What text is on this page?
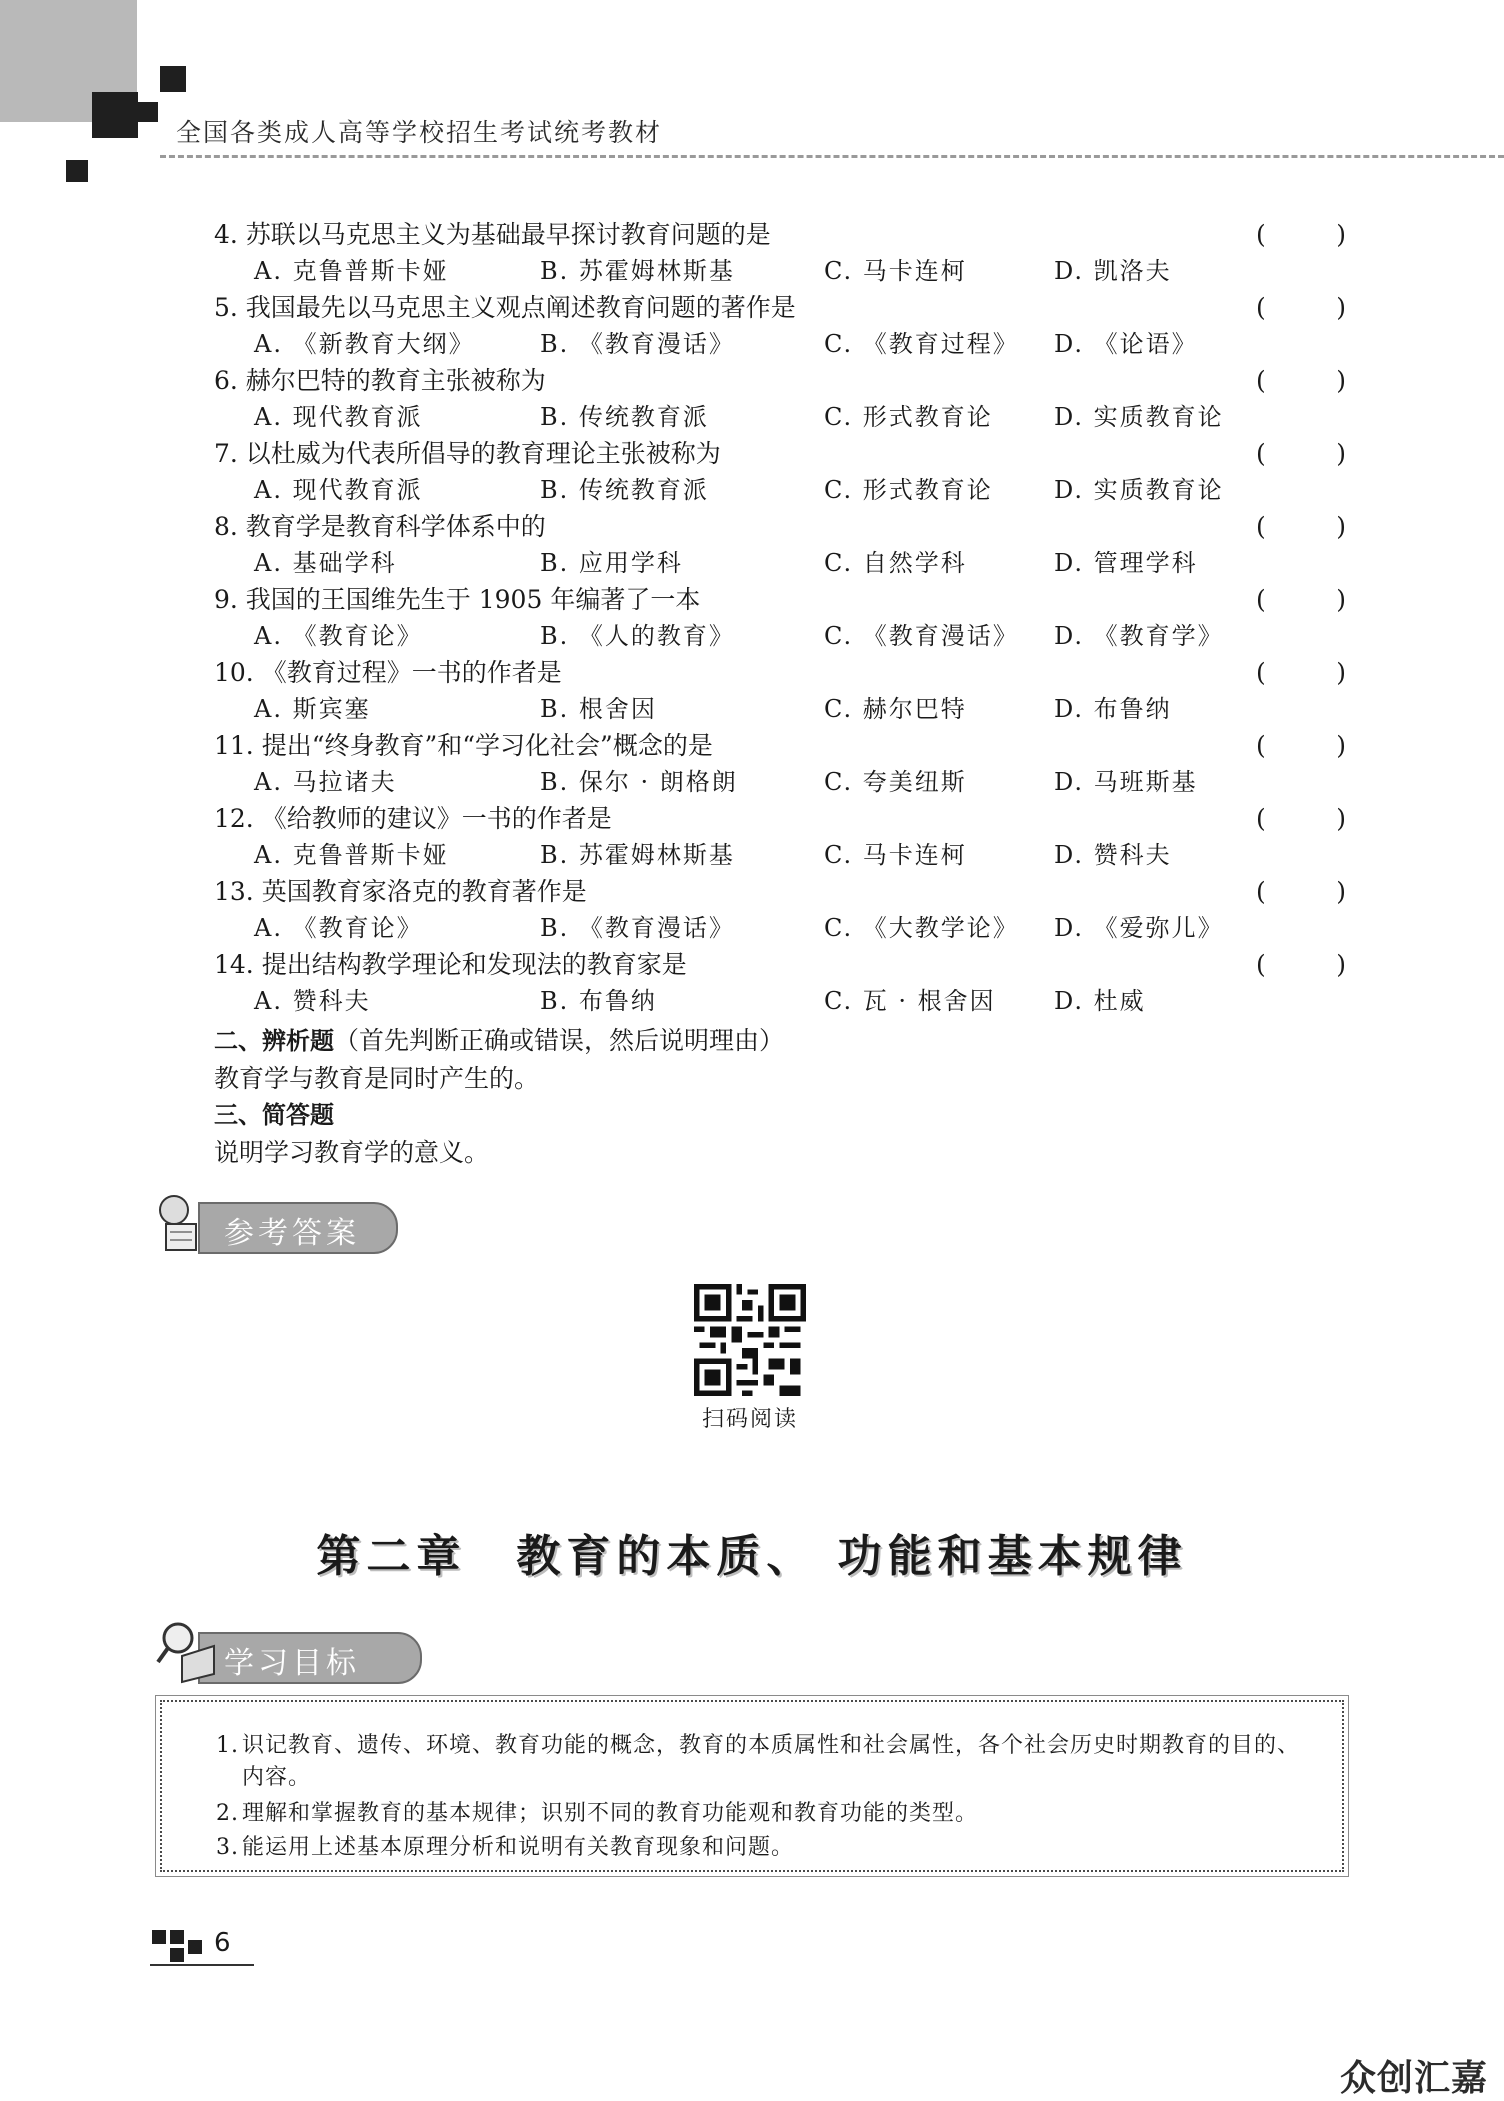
全国各类成人高等学校招生考试统考教材
4. 苏联以马克思主义为基础最早探讨教育问题的是	(	)
A. 克鲁普斯卡娅	B. 苏霍姆林斯基	C. 马卡连柯	D. 凯洛夫
5. 我国最先以马克思主义观点阐述教育问题的著作是	(	)
A. 《新教育大纲》	B. 《教育漫话》	C. 《教育过程》 D. 《论语》
6. 赫尔巴特的教育主张被称为	(	)
A. 现代教育派	B. 传统教育派	C. 形式教育论	D. 实质教育论
7. 以杜威为代表所倡导的教育理论主张被称为	(	)
A. 现代教育派	B. 传统教育派	C. 形式教育论	D. 实质教育论
8. 教育学是教育科学体系中的	(	)
A. 基础学科	B. 应用学科	C. 自然学科	D. 管理学科
9. 我国的王国维先生于 1905 年编著了一本	(	)
A. 《教育论》	B. 《人的教育》	C. 《教育漫话》 D. 《教育学》
10. 《教育过程》一书的作者是	(	)
A. 斯宾塞	B. 根舍因	C. 赫尔巴特	D. 布鲁纳
11. 提出“终身教育”和“学习化社会”概念的是	(	)
A. 马拉诸夫	B. 保尔 · 朗格朗	C. 夸美纽斯	D. 马班斯基
12. 《给教师的建议》一书的作者是	(	)
A. 克鲁普斯卡娅	B. 苏霍姆林斯基	C. 马卡连柯	D. 赞科夫
13. 英国教育家洛克的教育著作是	(	)
A. 《教育论》	B. 《教育漫话》	C. 《大教学论》 D. 《爱弥儿》
14. 提出结构教学理论和发现法的教育家是	(	)
A. 赞科夫	B. 布鲁纳	C. 瓦 · 根舍因 D. 杜威
二、辨析题（首先判断正确或错误，然后说明理由）
教育学与教育是同时产生的。
三、简答题
说明学习教育学的意义。
参考答案
扫码阅读
第二章　教育的本质、 功能和基本规律
学习目标
1. 识记教育、遗传、环境、教育功能的概念，教育的本质属性和社会属性，各个社会历史时期教育的目的、内容。
2. 理解和掌握教育的基本规律；识别不同的教育功能观和教育功能的类型。
3. 能运用上述基本原理分析和说明有关教育现象和问题。
6
众创汇嘉
